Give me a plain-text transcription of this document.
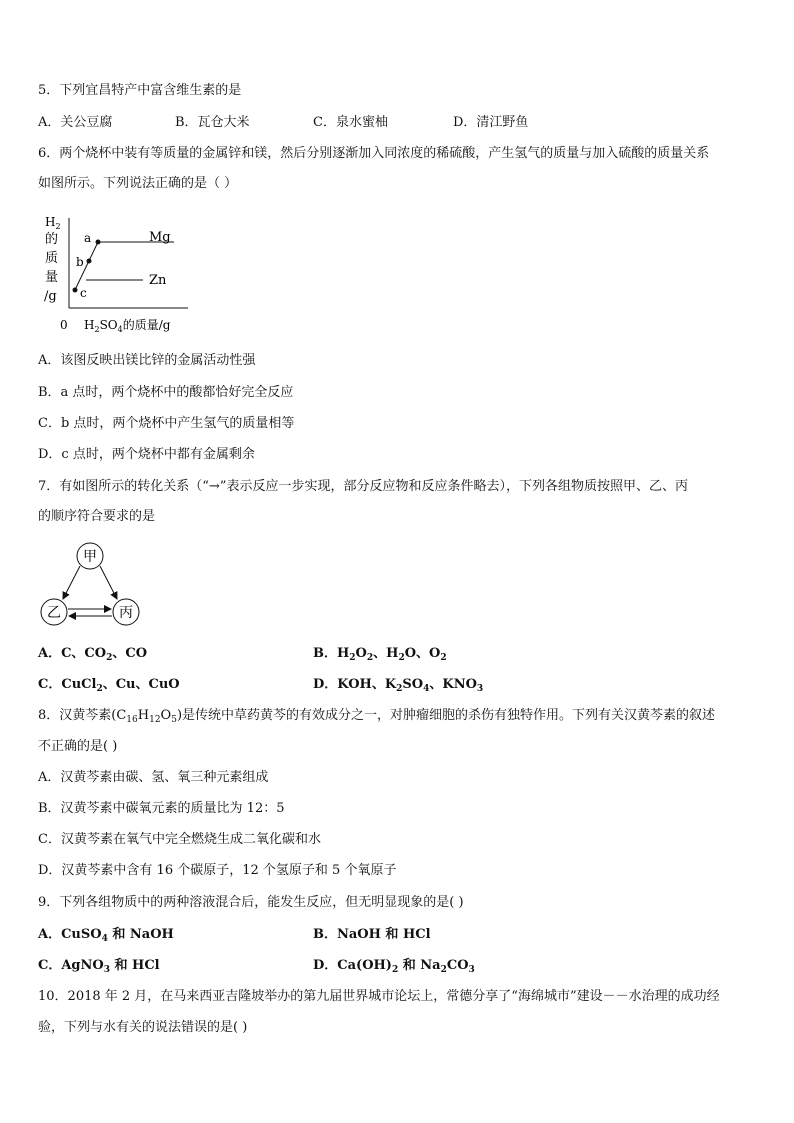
5．下列宜昌特产中富含维生素的是
A．关公豆腐	B．瓦仓大米	C．泉水蜜柚	D．清江野鱼
6．两个烧杯中装有等质量的金属锌和镁，然后分别逐渐加入同浓度的稀硫酸，产生氢气的质量与加入硫酸的质量关系
如图所示。下列说法正确的是（ ）
$H_2$
的
质
量
/g
a
b
c
Mg
Zn
0 $H_2SO_4$的质量/g
A．该图反映出镁比锌的金属活动性强
B．a 点时，两个烧杯中的酸都恰好完全反应
C．b 点时，两个烧杯中产生氢气的质量相等
D．c 点时，两个烧杯中都有金属剩余
7．有如图所示的转化关系（“→”表示反应一步实现，部分反应物和反应条件略去），下列各组物质按照甲、乙、丙
的顺序符合要求的是
甲
乙	丙
A．C、$CO_2$、CO	B．$H_2O_2$、$H_2O$、$O_2$
C．CuCl$_2$、Cu、CuO	D．KOH、$K_2SO_4$、$KNO_3$
8．汉黄芩素$(C_{16}H_{12}O_5)$是传统中草药黄芩的有效成分之一，对肿瘤细胞的杀伤有独特作用。下列有关汉黄芩素的叙述
不正确的是( )
A．汉黄芩素由碳、氢、氧三种元素组成
B．汉黄芩素中碳氧元素的质量比为 12：5
C．汉黄芩素在氧气中完全燃烧生成二氧化碳和水
D．汉黄芩素中含有 16 个碳原子，12 个氢原子和 5 个氧原子
9．下列各组物质中的两种溶液混合后，能发生反应，但无明显现象的是( )
A．CuSO$_4$ 和 NaOH	B．NaOH 和 HCl
C．AgNO$_3$ 和 HCl	D．$Ca(OH)_2$ 和 $Na_2CO_3$
10．2018 年 2 月，在马来西亚吉隆坡举办的第九届世界城市论坛上，常德分享了“海绵城市”建设－－水治理的成功经
验，下列与水有关的说法错误的是( )
